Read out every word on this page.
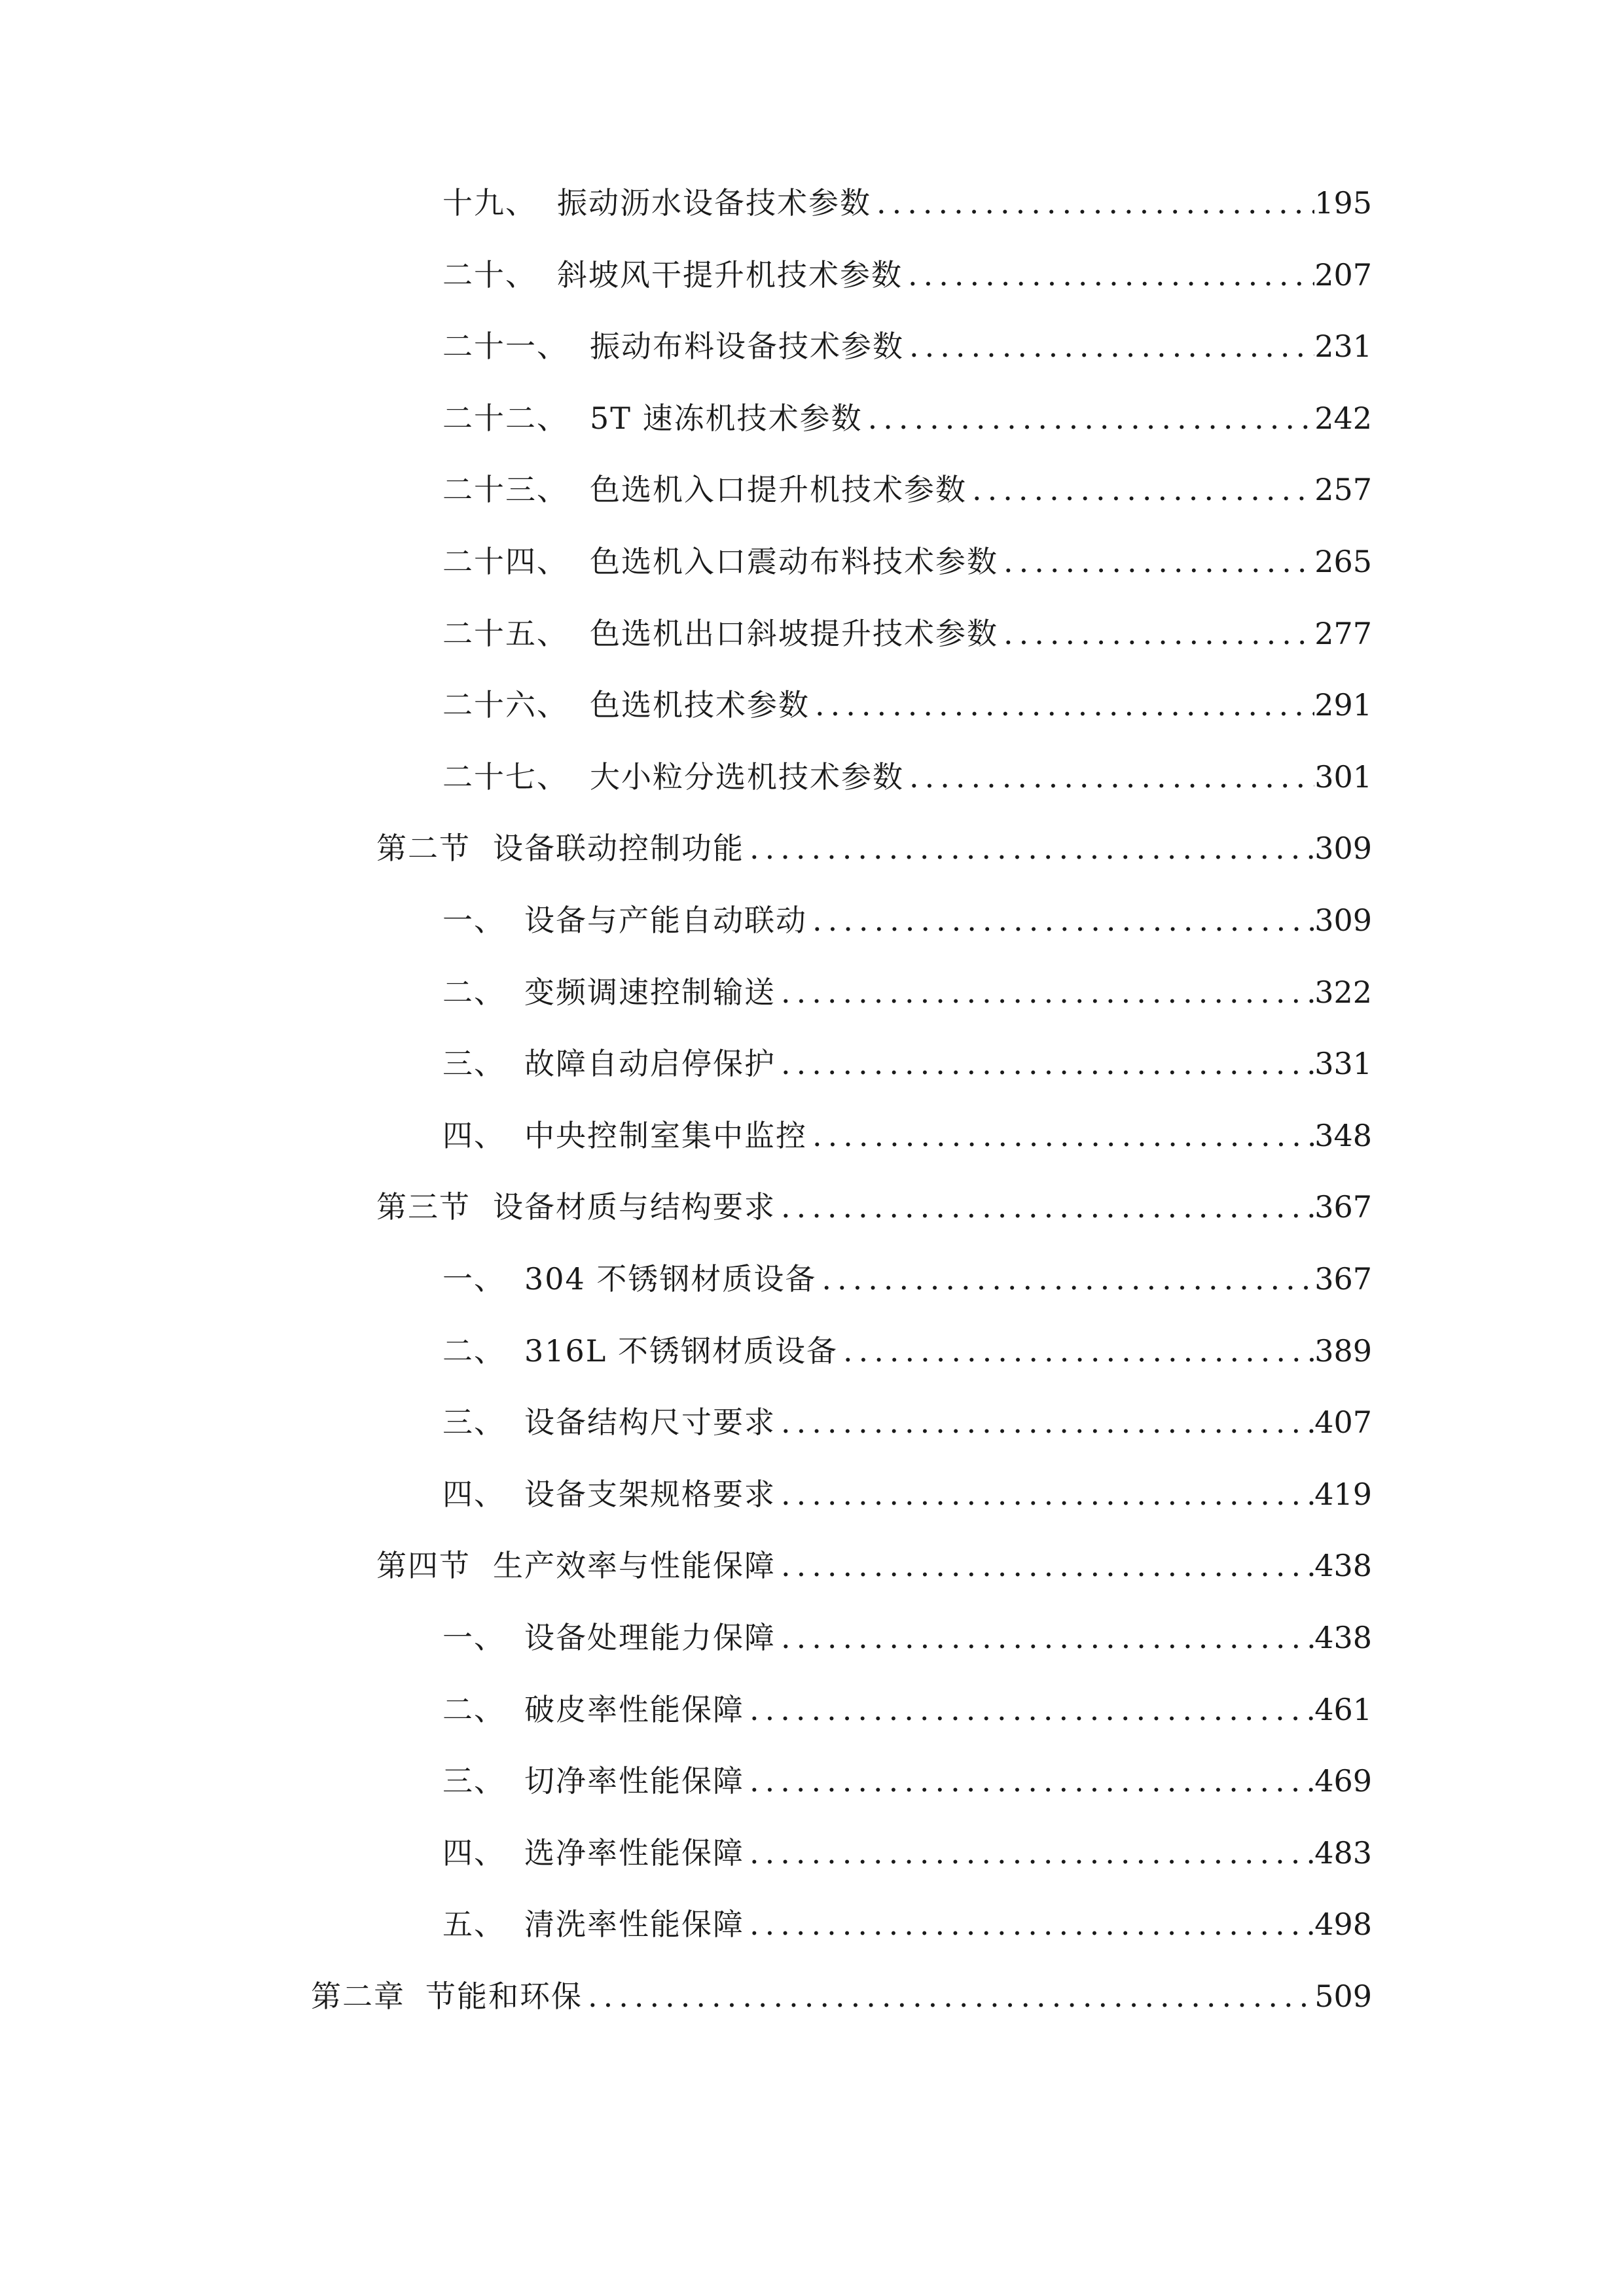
十九、 振动沥水设备技术参数 .....	195
二十、 斜坡风干提升机技术参数 .....	207
二十一、 振动布料设备技术参数 .....	231
二十二、 5T 速冻机技术参数 .....	242
二十三、 色选机入口提升机技术参数 .....	257
二十四、 色选机入口震动布料技术参数 .....	265
二十五、 色选机出口斜坡提升技术参数 .....	277
二十六、 色选机技术参数 .....	291
二十七、 大小粒分选机技术参数 .....	301
第二节 设备联动控制功能 .....	309
一、 设备与产能自动联动 .....	309
二、 变频调速控制输送 .....	322
三、 故障自动启停保护 .....	331
四、 中央控制室集中监控 .....	348
第三节 设备材质与结构要求 .....	367
一、 304 不锈钢材质设备 .....	367
二、 316L 不锈钢材质设备 .....	389
三、 设备结构尺寸要求 .....	407
四、 设备支架规格要求 .....	419
第四节 生产效率与性能保障 .....	438
一、 设备处理能力保障 .....	438
二、 破皮率性能保障 .....	461
三、 切净率性能保障 .....	469
四、 选净率性能保障 .....	483
五、 清洗率性能保障 .....	498
第二章 节能和环保 .....	509
